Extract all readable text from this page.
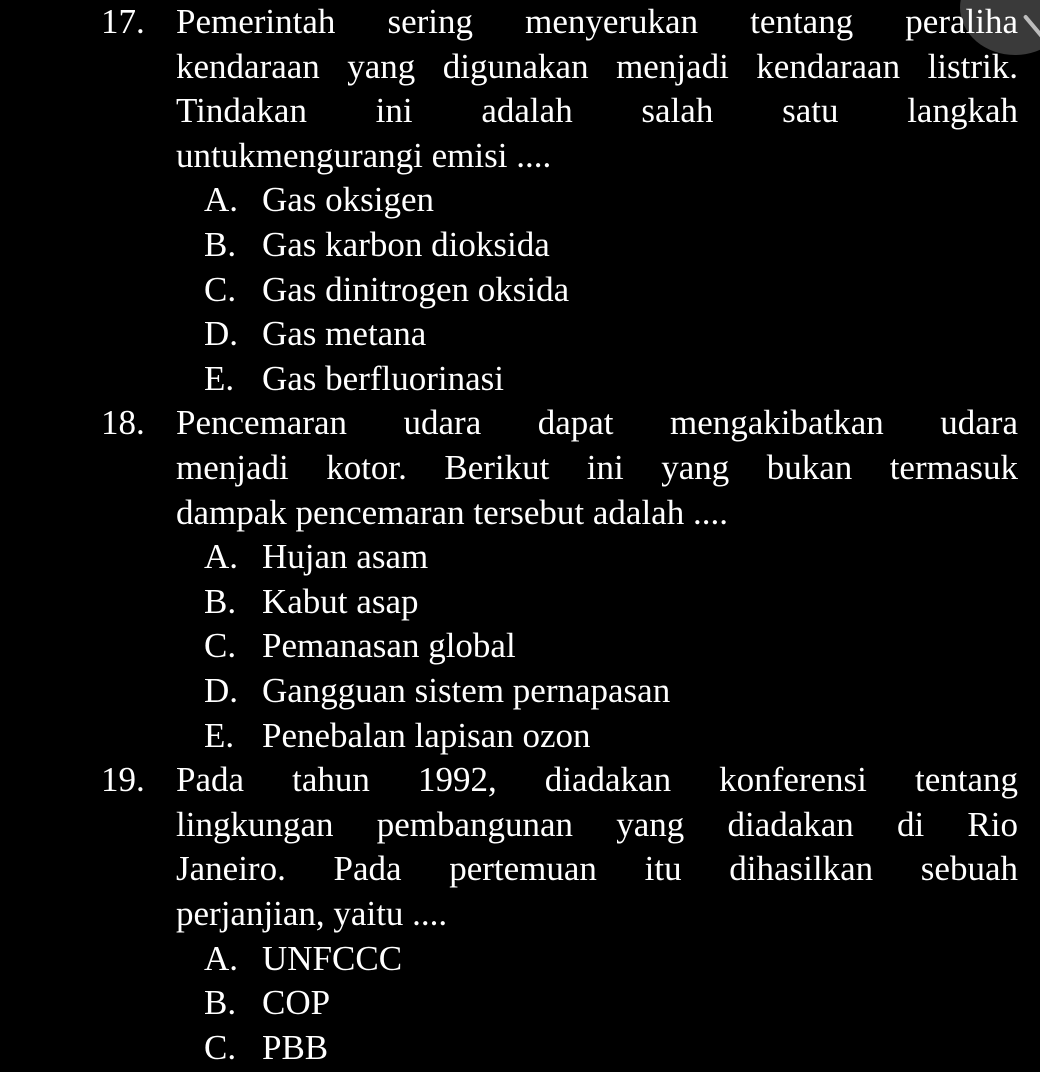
17. Pemerintah sering menyerukan tentang peraliha
kendaraan yang digunakan menjadi kendaraan listrik.
Tindakan ini adalah salah satu langkah
untukmengurangi emisi ....
A. Gas oksigen
B. Gas karbon dioksida
C. Gas dinitrogen oksida
D. Gas metana
E. Gas berfluorinasi
18. Pencemaran udara dapat mengakibatkan udara
menjadi kotor. Berikut ini yang bukan termasuk
dampak pencemaran tersebut adalah ....
A. Hujan asam
B. Kabut asap
C. Pemanasan global
D. Gangguan sistem pernapasan
E. Penebalan lapisan ozon
19. Pada tahun 1992, diadakan konferensi tentang
lingkungan pembangunan yang diadakan di Rio
Janeiro. Pada pertemuan itu dihasilkan sebuah
perjanjian, yaitu ....
A. UNFCCC
B. COP
C. PBB
